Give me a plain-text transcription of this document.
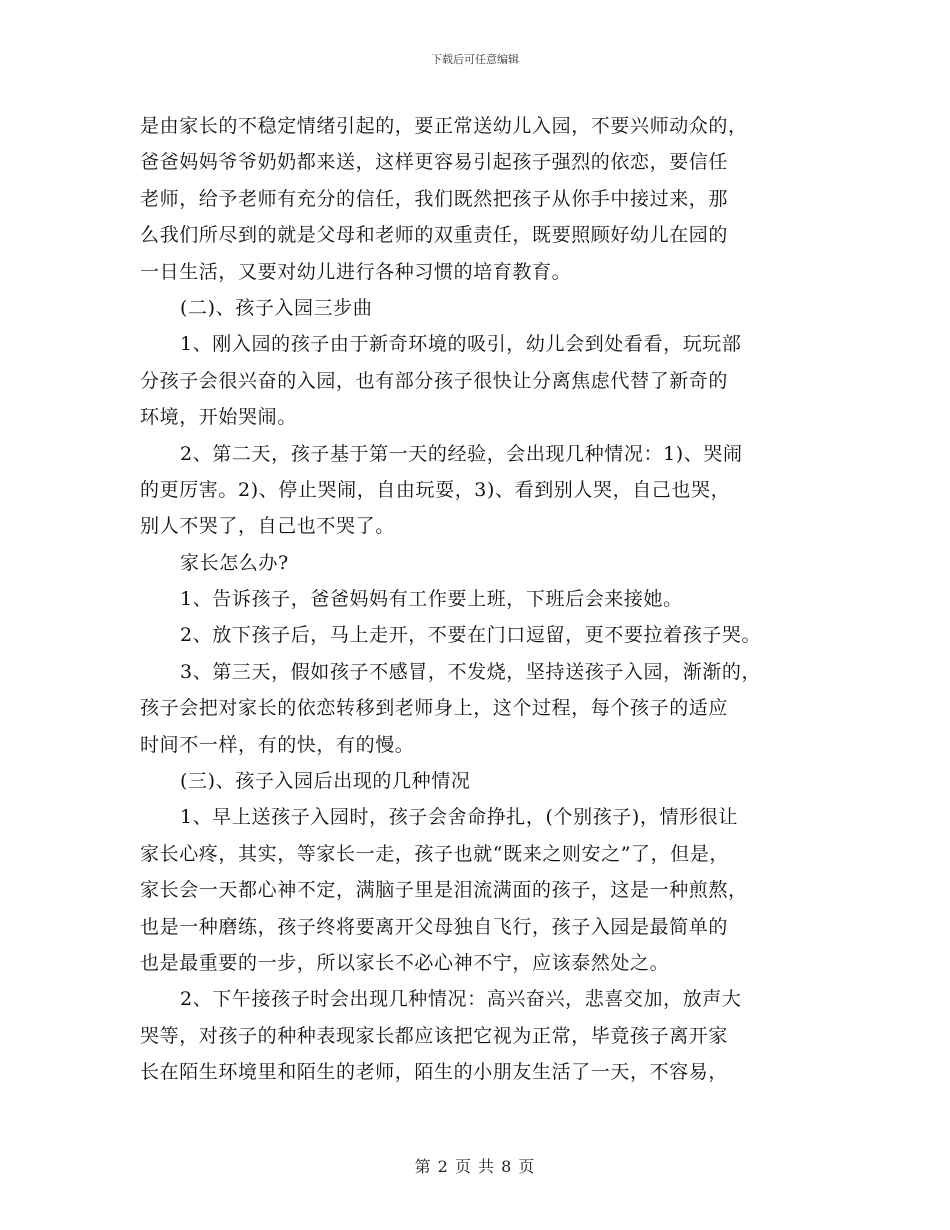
下载后可任意编辑
是由家长的不稳定情绪引起的，要正常送幼儿入园，不要兴师动众的，
爸爸妈妈爷爷奶奶都来送，这样更容易引起孩子强烈的依恋，要信任
老师，给予老师有充分的信任，我们既然把孩子从你手中接过来，那
么我们所尽到的就是父母和老师的双重责任，既要照顾好幼儿在园的
一日生活，又要对幼儿进行各种习惯的培育教育。
(二)、孩子入园三步曲
1、刚入园的孩子由于新奇环境的吸引，幼儿会到处看看，玩玩部
分孩子会很兴奋的入园，也有部分孩子很快让分离焦虑代替了新奇的
环境，开始哭闹。
2、第二天，孩子基于第一天的经验，会出现几种情况：1)、哭闹
的更厉害。2)、停止哭闹，自由玩耍，3)、看到别人哭，自己也哭，
别人不哭了，自己也不哭了。
家长怎么办?
1、告诉孩子，爸爸妈妈有工作要上班，下班后会来接她。
2、放下孩子后，马上走开，不要在门口逗留，更不要拉着孩子哭。
3、第三天，假如孩子不感冒，不发烧，坚持送孩子入园，渐渐的，
孩子会把对家长的依恋转移到老师身上，这个过程，每个孩子的适应
时间不一样，有的快，有的慢。
(三)、孩子入园后出现的几种情况
1、早上送孩子入园时，孩子会舍命挣扎，(个别孩子)，情形很让
家长心疼，其实，等家长一走，孩子也就“既来之则安之”了，但是，
家长会一天都心神不定，满脑子里是泪流满面的孩子，这是一种煎熬，
也是一种磨练，孩子终将要离开父母独自飞行，孩子入园是最简单的
也是最重要的一步，所以家长不必心神不宁，应该泰然处之。
2、下午接孩子时会出现几种情况：高兴奋兴，悲喜交加，放声大
哭等，对孩子的种种表现家长都应该把它视为正常，毕竟孩子离开家
长在陌生环境里和陌生的老师，陌生的小朋友生活了一天，不容易，
第 2 页 共 8 页
